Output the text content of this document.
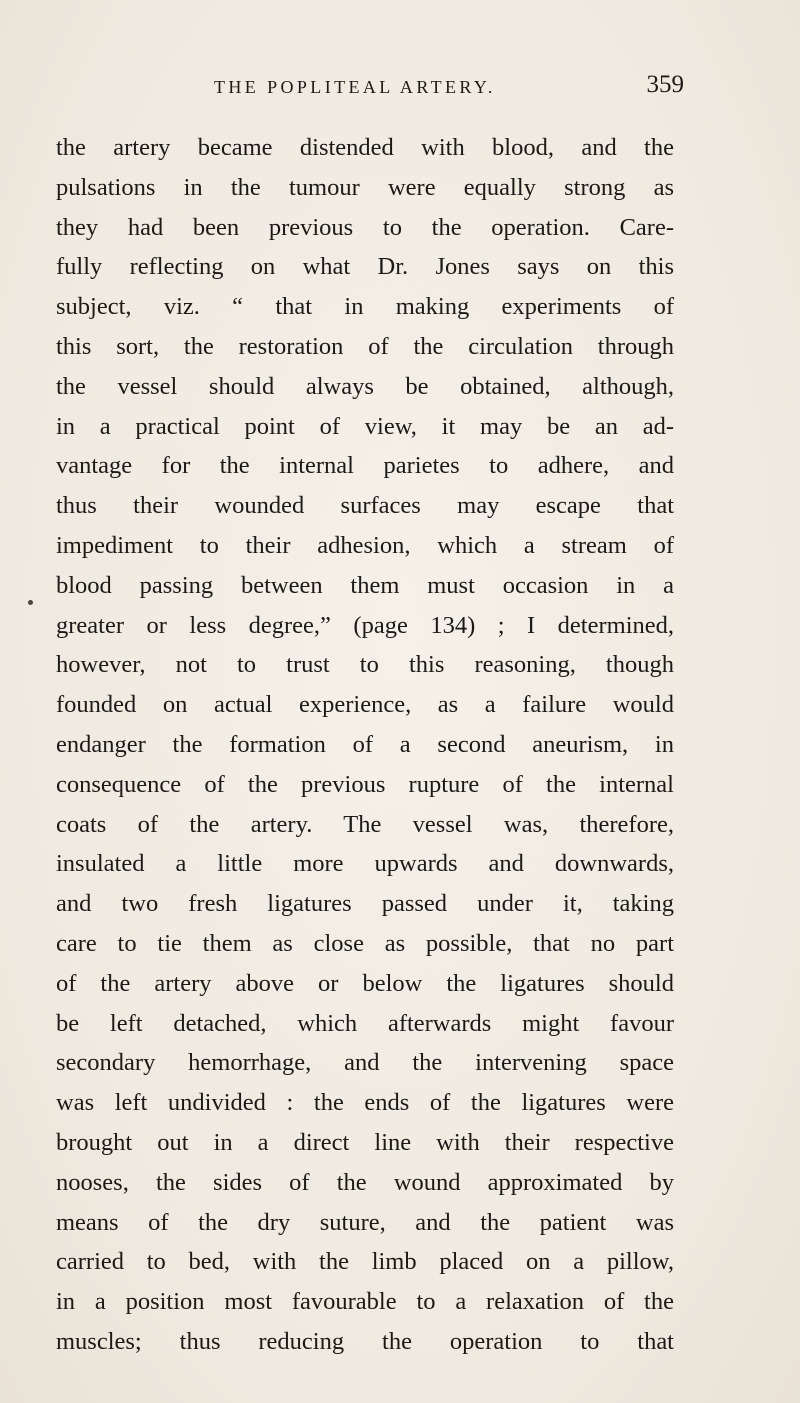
THE POPLITEAL ARTERY.	359
the artery became distended with blood, and the
pulsations in the tumour were equally strong as
they had been previous to the operation. Care-
fully reflecting on what Dr. Jones says on this
subject, viz. “ that in making experiments of
this sort, the restoration of the circulation through
the vessel should always be obtained, although,
in a practical point of view, it may be an ad-
vantage for the internal parietes to adhere, and
thus their wounded surfaces may escape that
impediment to their adhesion, which a stream of
blood passing between them must occasion in a
greater or less degree,” (page 134) ; I determined,
however, not to trust to this reasoning, though
founded on actual experience, as a failure would
endanger the formation of a second aneurism, in
consequence of the previous rupture of the internal
coats of the artery. The vessel was, therefore,
insulated a little more upwards and downwards,
and two fresh ligatures passed under it, taking
care to tie them as close as possible, that no part
of the artery above or below the ligatures should
be left detached, which afterwards might favour
secondary hemorrhage, and the intervening space
was left undivided : the ends of the ligatures were
brought out in a direct line with their respective
nooses, the sides of the wound approximated by
means of the dry suture, and the patient was
carried to bed, with the limb placed on a pillow,
in a position most favourable to a relaxation of the
muscles; thus reducing the operation to that
